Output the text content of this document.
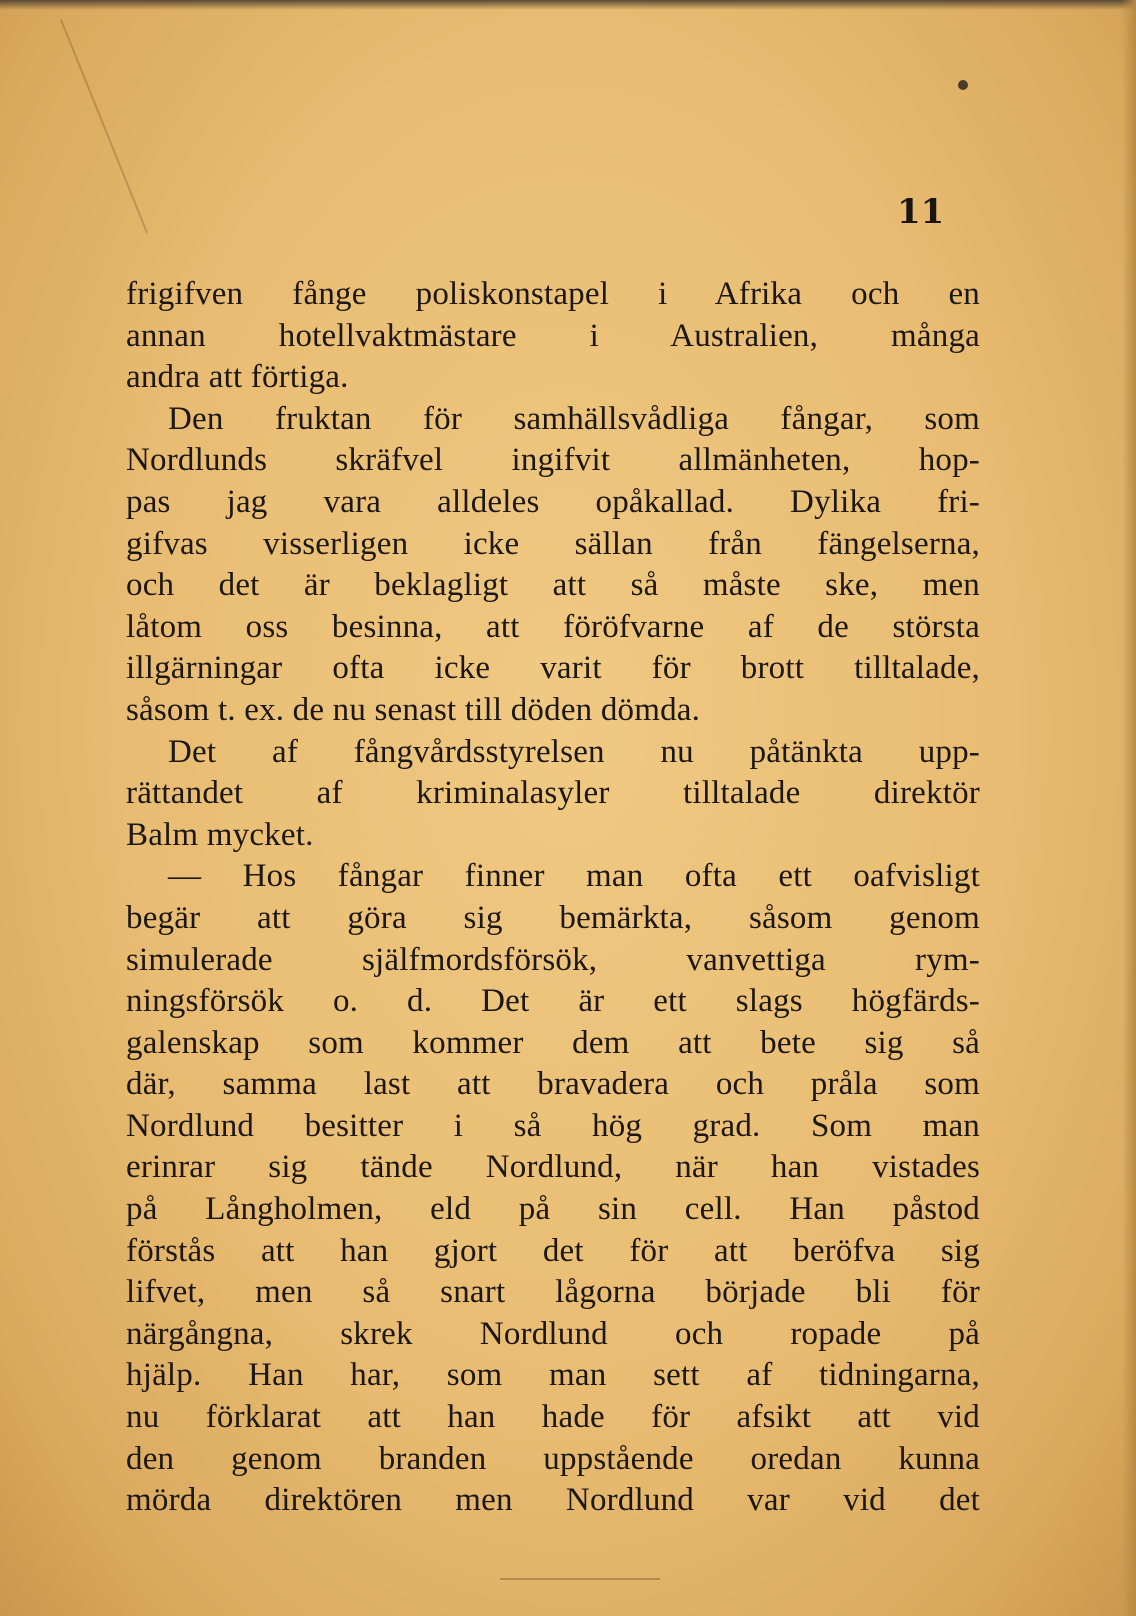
11
frigifven fånge poliskonstapel i Afrika och en
annan hotellvaktmästare i Australien, många
andra att förtiga.
Den fruktan för samhällsvådliga fångar, som
Nordlunds skräfvel ingifvit allmänheten, hop-
pas jag vara alldeles opåkallad. Dylika fri-
gifvas visserligen icke sällan från fängelserna,
och det är beklagligt att så måste ske, men
låtom oss besinna, att föröfvarne af de största
illgärningar ofta icke varit för brott tilltalade,
såsom t. ex. de nu senast till döden dömda.
Det af fångvårdsstyrelsen nu påtänkta upp-
rättandet af kriminalasyler tilltalade direktör
Balm mycket.
— Hos fångar finner man ofta ett oafvisligt
begär att göra sig bemärkta, såsom genom
simulerade själfmordsförsök, vanvettiga rym-
ningsförsök o. d. Det är ett slags högfärds-
galenskap som kommer dem att bete sig så
där, samma last att bravadera och pråla som
Nordlund besitter i så hög grad. Som man
erinrar sig tände Nordlund, när han vistades
på Långholmen, eld på sin cell. Han påstod
förstås att han gjort det för att beröfva sig
lifvet, men så snart lågorna började bli för
närgångna, skrek Nordlund och ropade på
hjälp. Han har, som man sett af tidningarna,
nu förklarat att han hade för afsikt att vid
den genom branden uppstående oredan kunna
mörda direktören men Nordlund var vid det
